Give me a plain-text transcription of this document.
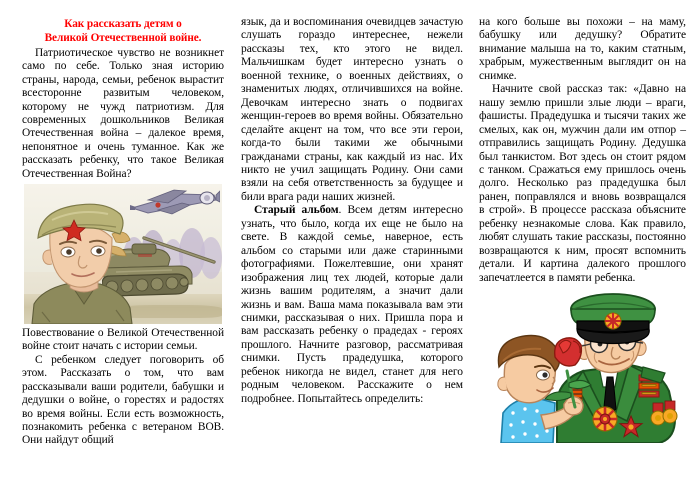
Как рассказать детям о
Великой Отечественной войне.

Патриотическое чувство не возникнет само по себе. Только зная историю страны, народа, семьи, ребенок вырастит всесторонне развитым человеком, которому не чужд патриотизм. Для современных дошкольников Великая Отечественная война – далекое время, непонятное и очень туманное. Как же рассказать ребенку, что такое Великая Отечественная Война?

Повествование о Великой Отечественной войне стоит начать с истории семьи.

С ребенком следует поговорить об этом. Рассказать о том, что вам рассказывали ваши родители, бабушки и дедушки о войне, о горестях и радостях во время войны. Если есть возможность, познакомить ребенка с ветераном ВОВ. Они найдут общий

язык, да и воспоминания очевидцев зачастую слушать гораздо интереснее, нежели рассказы тех, кто этого не видел. Мальчишкам будет интересно узнать о военной технике, о военных действиях, о знаменитых людях, отличившихся на войне. Девочкам интересно знать о подвигах женщин-героев во время войны. Обязательно сделайте акцент на том, что все эти герои, когда-то были такими же обычными гражданами страны, как каждый из нас. Их никто не учил защищать Родину. Они сами взяли на себя ответственность за будущее и били врага ради наших жизней.

Старый альбом. Всем детям интересно узнать, что было, когда их еще не было на свете. В каждой семье, наверное, есть альбом со старыми или даже старинными фотографиями. Пожелтевшие, они хранят изображения лиц тех людей, которые дали жизнь вашим родителям, а значит дали жизнь и вам. Ваша мама показывала вам эти снимки, рассказывая о них. Пришла пора и вам рассказать ребенку о прадедах - героях прошлого. Начните разговор, рассматривая снимки. Пусть прадедушка, которого ребенок никогда не видел, станет для него родным человеком. Расскажите о нем подробнее. Попытайтесь определить:

на кого больше вы похожи – на маму, бабушку или дедушку? Обратите внимание малыша на то, каким статным, храбрым, мужественным выглядит он на снимке.

Начните свой рассказ так: «Давно на нашу землю пришли злые люди – враги, фашисты. Прадедушка и тысячи таких же смелых, как он, мужчин дали им отпор – отправились защищать Родину. Дедушка был танкистом. Вот здесь он стоит рядом с танком. Сражаться ему пришлось очень долго. Несколько раз прадедушка был ранен, поправлялся и вновь возвращался в строй». В процессе рассказа объясните ребенку незнакомые слова. Как правило, любят слушать такие рассказы, постоянно возвращаются к ним, просят вспомнить детали. И картина далекого прошлого запечатлеется в памяти ребенка.
